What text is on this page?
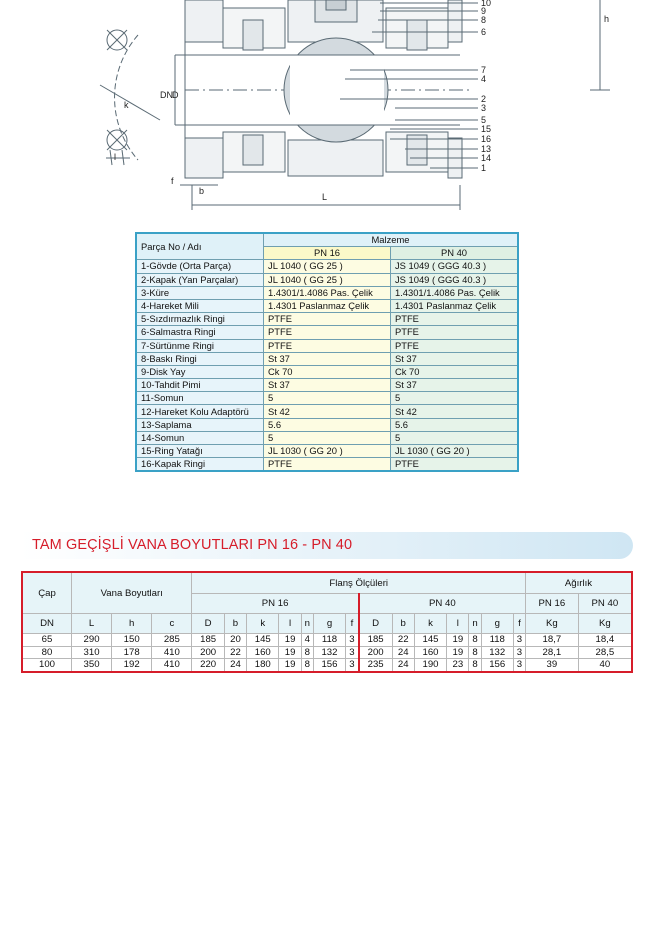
10
9
8
6
7
4
2
3
5
15
16
13
14
1
h
L
b
f
k
l
D
DN
Parça No / Adı	Malzeme	
	PN 16	PN 40
1-Gövde (Orta Parça)	JL 1040 ( GG 25 )	JS 1049 ( GGG 40.3 )
2-Kapak (Yan Parçalar)	JL 1040 ( GG 25 )	JS 1049 ( GGG 40.3 )
3-Küre	1.4301/1.4086 Pas. Çelik	1.4301/1.4086 Pas. Çelik
4-Hareket Mili	1.4301 Paslanmaz Çelik	1.4301 Paslanmaz Çelik
5-Sızdırmazlık Ringi	PTFE	PTFE
6-Salmastra Ringi	PTFE	PTFE
7-Sürtünme Ringi	PTFE	PTFE
8-Baskı Ringi	St 37	St 37
9-Disk Yay	Ck 70	Ck 70
10-Tahdit Pimi	St 37	St 37
11-Somun	5	5
12-Hareket Kolu Adaptörü	St 42	St 42
13-Saplama	5.6	5.6
14-Somun	5	5
15-Ring Yatağı	JL 1030 ( GG 20 )	JL 1030 ( GG 20 )
16-Kapak Ringi	PTFE	PTFE
TAM GEÇİŞLİ VANA BOYUTLARI PN 16 - PN 40
Çap	Vana Boyutları			Flanş Ölçüleri														Ağırlık	
				PN 16							PN 40							PN 16	PN 40
DN	L	h	c	D	b	k	l	n	g	f	D	b	k	l	n	g	f	Kg	Kg
65	290	150	285	185	20	145	19	4	118	3	185	22	145	19	8	118	3	18,7	18,4
80	310	178	410	200	22	160	19	8	132	3	200	24	160	19	8	132	3	28,1	28,5
100	350	192	410	220	24	180	19	8	156	3	235	24	190	23	8	156	3	39	40
